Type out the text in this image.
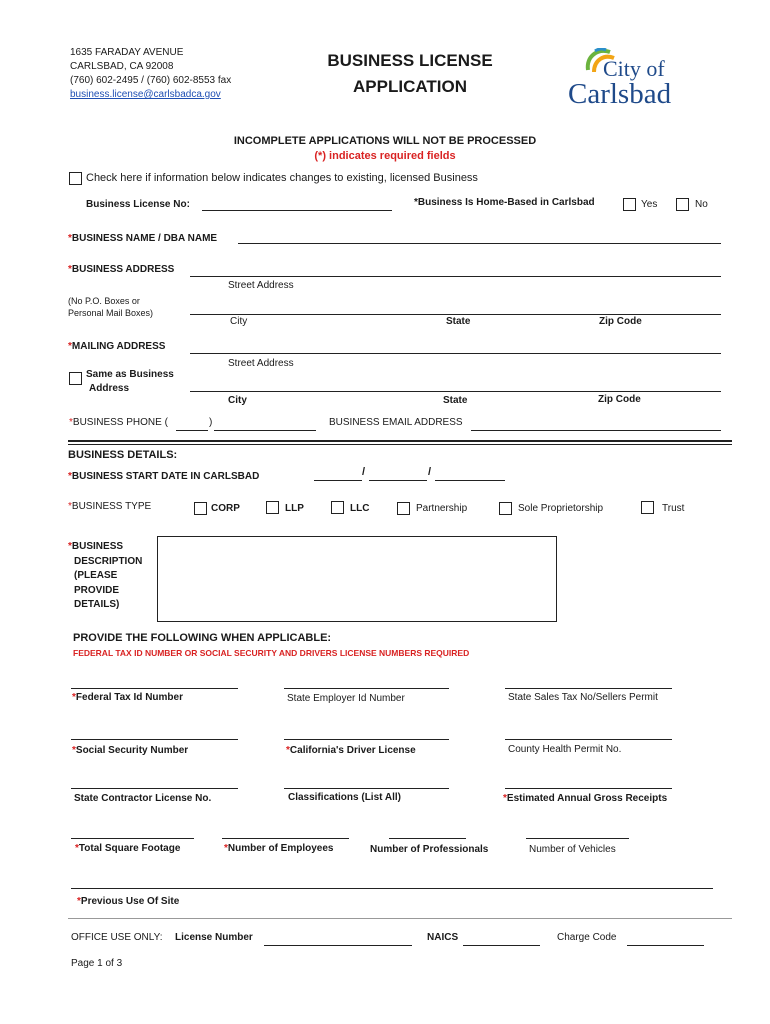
1635 FARADAY AVENUE
CARLSBAD, CA 92008
(760) 602-2495 / (760) 602-8553 fax
business.license@carlsbadca.gov
BUSINESS LICENSE
APPLICATION
City of
Carlsbad
INCOMPLETE APPLICATIONS WILL NOT BE PROCESSED
(*) indicates required fields
Check here if information below indicates changes to existing, licensed Business
Business License No:	*Business Is Home-Based in Carlsbad	Yes	No
*BUSINESS NAME / DBA NAME
*BUSINESS ADDRESS
Street Address
(No P.O. Boxes or
Personal Mail Boxes)
City	State	Zip Code
*MAILING ADDRESS
Street Address
Same as Business
Address
City	State	Zip Code
*BUSINESS PHONE (	)	BUSINESS EMAIL ADDRESS
BUSINESS DETAILS:
*BUSINESS START DATE IN CARLSBAD	/	/
*BUSINESS TYPE	CORP	LLP	LLC	Partnership	Sole Proprietorship	Trust
*BUSINESS
DESCRIPTION
(PLEASE
PROVIDE
DETAILS)
PROVIDE THE FOLLOWING WHEN APPLICABLE:
FEDERAL TAX ID NUMBER OR SOCIAL SECURITY AND DRIVERS LICENSE NUMBERS REQUIRED
*Federal Tax Id Number	State Employer Id Number	State Sales Tax No/Sellers Permit
*Social Security Number	*California's Driver License	County Health Permit No.
State Contractor License No.	Classifications (List All)	*Estimated Annual Gross Receipts
*Total Square Footage	*Number of Employees	Number of Professionals	Number of Vehicles
*Previous Use Of Site
OFFICE USE ONLY: License Number	NAICS	Charge Code
Page 1 of 3
